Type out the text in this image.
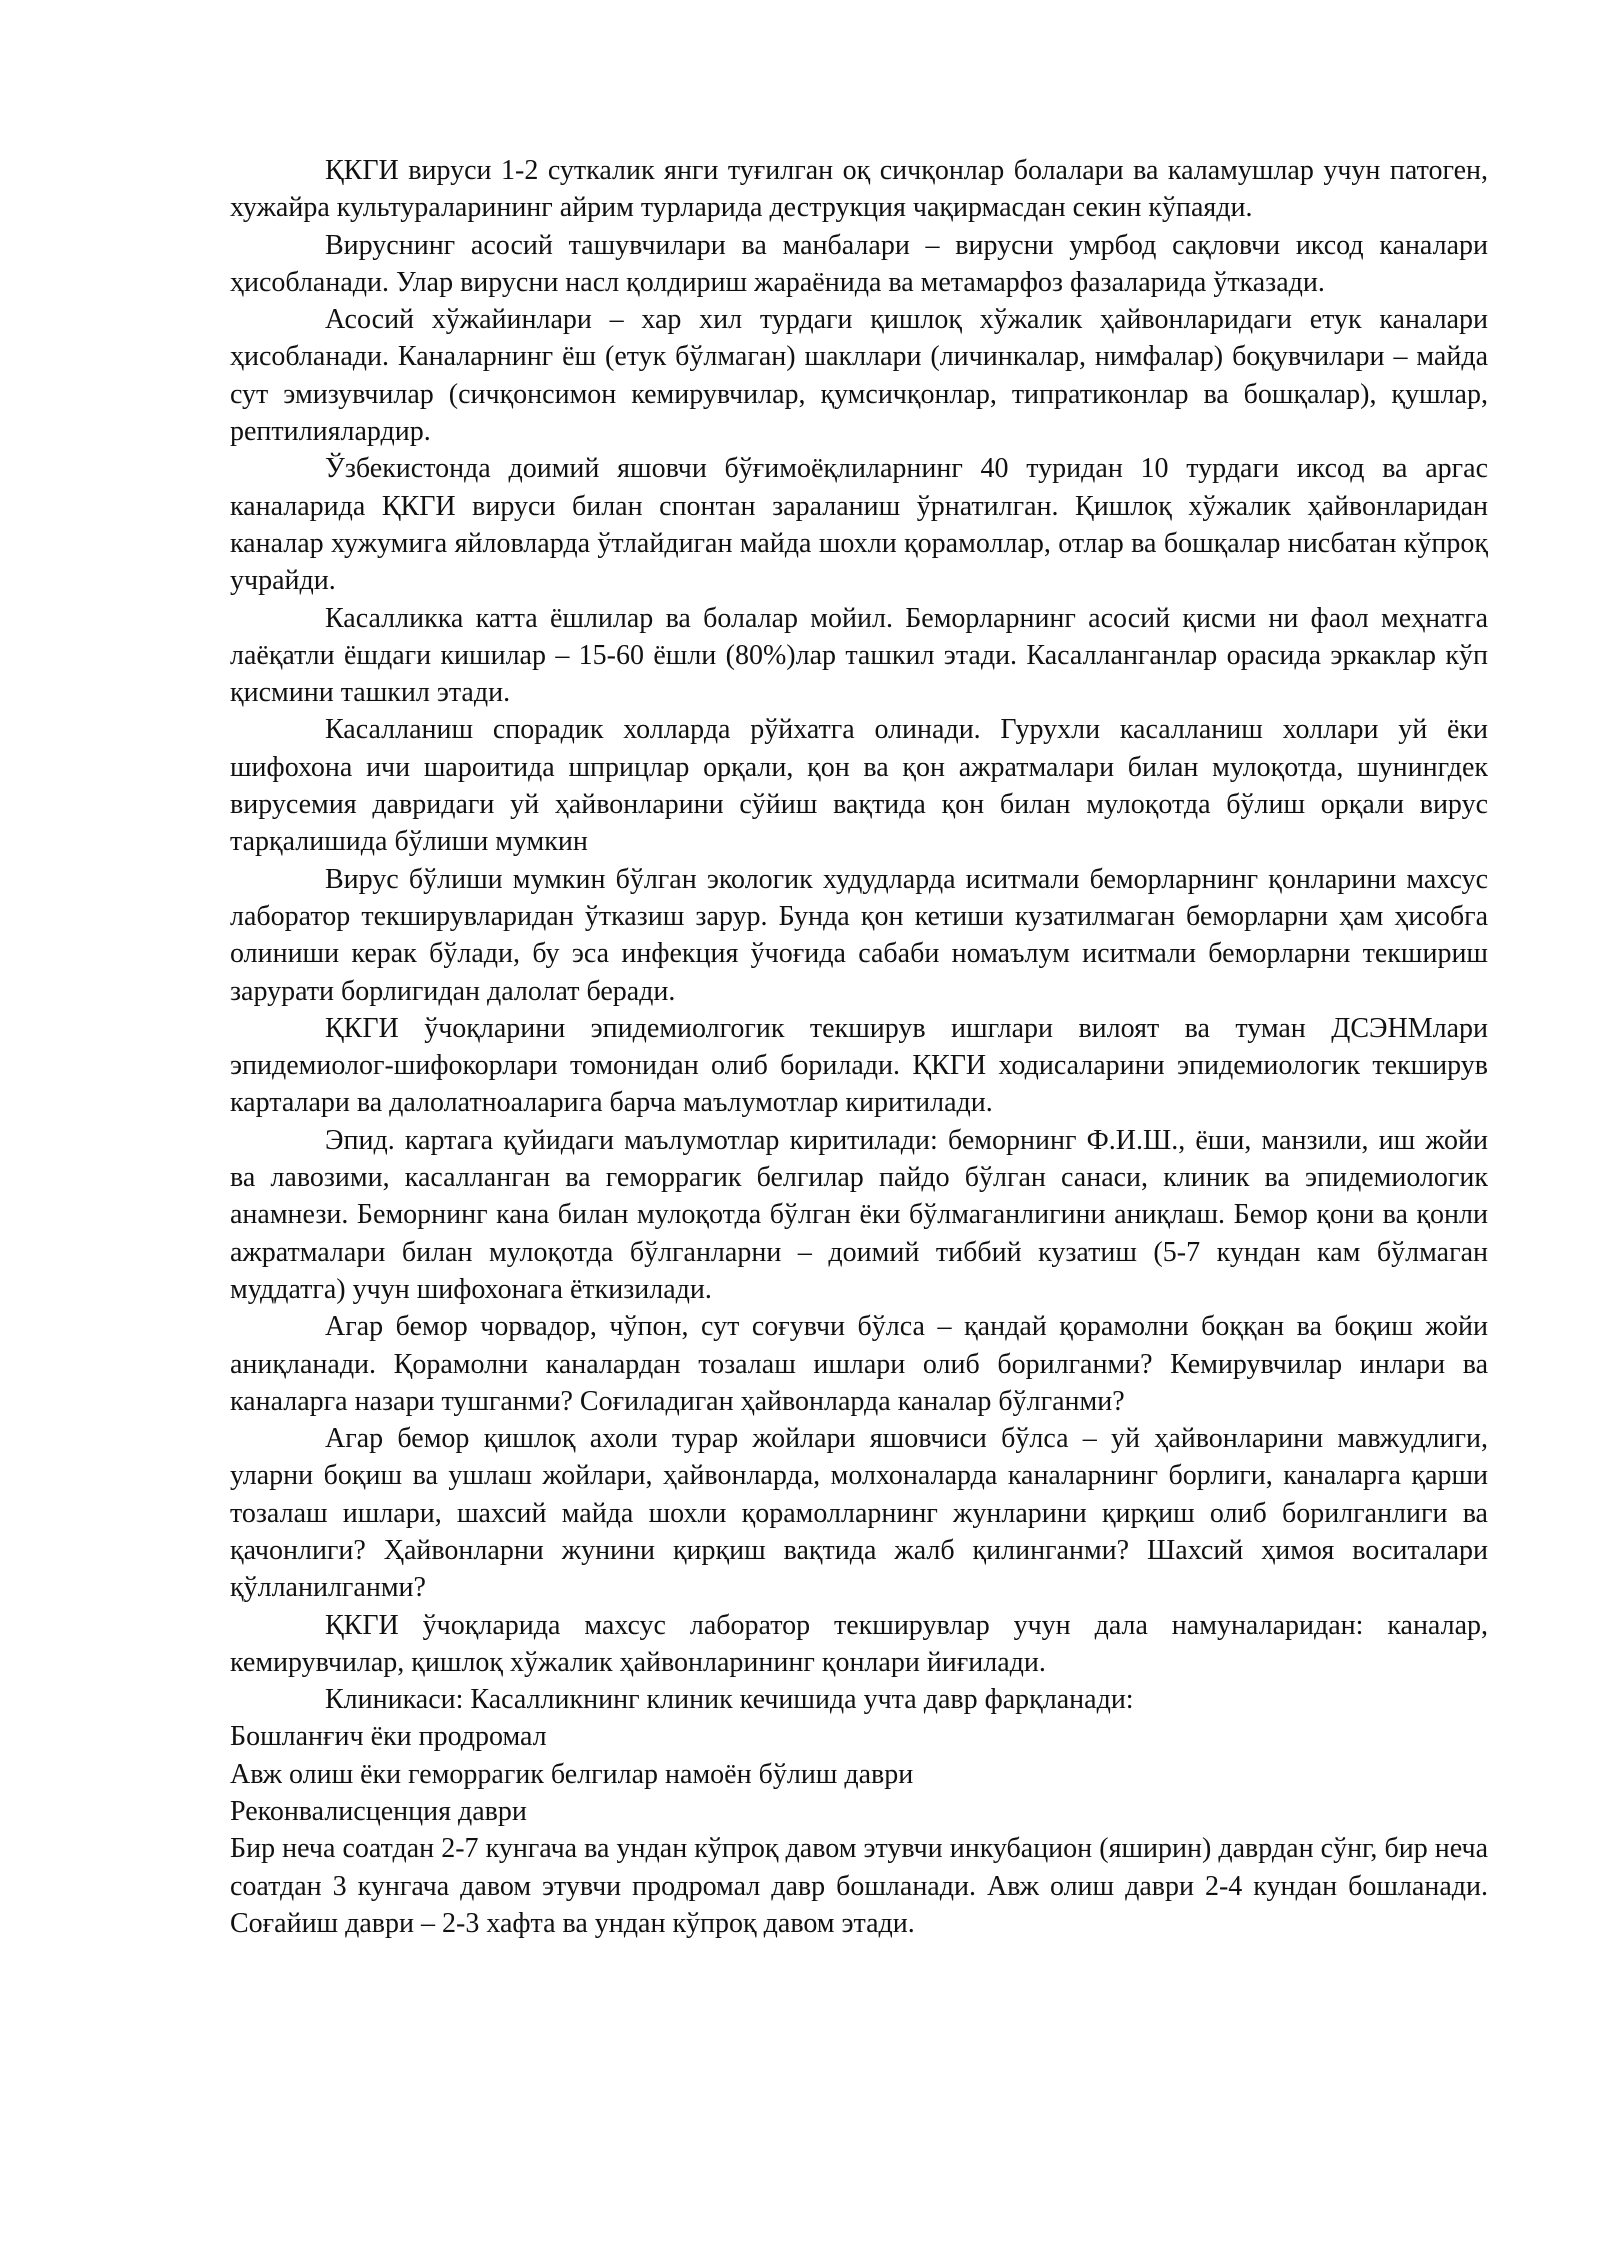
ҚКГИ вируси 1-2 суткалик янги туғилган оқ сичқонлар болалари ва каламушлар учун патоген, хужайра культураларининг айрим турларида деструкция чақирмасдан секин кўпаяди.

Вируснинг асосий ташувчилари ва манбалари – вирусни умрбод сақловчи иксод каналари ҳисобланади. Улар вирусни насл қолдириш жараёнида ва метамарфоз фазаларида ўтказади.

Асосий хўжайинлари – хар хил турдаги қишлоқ хўжалик ҳайвонларидаги етук каналари ҳисобланади. Каналарнинг ёш (етук бўлмаган) шакллари (личинкалар, нимфалар) боқувчилари – майда сут эмизувчилар (сичқонсимон кемирувчилар, қумсичқонлар, типратиконлар ва бошқалар), қушлар, рептилиялардир.

Ўзбекистонда доимий яшовчи бўғимоёқлиларнинг 40 туридан 10 турдаги иксод ва аргас каналарида ҚКГИ вируси билан спонтан зараланиш ўрнатилган. Қишлоқ хўжалик ҳайвонларидан каналар хужумига яйловларда ўтлайдиган майда шохли қорамоллар, отлар ва бошқалар нисбатан кўпроқ учрайди.

Касалликка катта ёшлилар ва болалар мойил. Беморларнинг асосий қисми ни фаол меҳнатга лаёқатли ёшдаги кишилар – 15-60 ёшли (80%)лар ташкил этади. Касалланганлар орасида эркаклар кўп қисмини ташкил этади.

Касалланиш спорадик холларда рўйхатга олинади. Гурухли касалланиш холлари уй ёки шифохона ичи шароитида шприцлар орқали, қон ва қон ажратмалари билан мулоқотда, шунингдек вирусемия давридаги уй ҳайвонларини сўйиш вақтида қон билан мулоқотда бўлиш орқали вирус тарқалишида бўлиши мумкин

Вирус бўлиши мумкин бўлган экологик худудларда иситмали беморларнинг қонларини махсус лаборатор текширувларидан ўтказиш зарур. Бунда қон кетиши кузатилмаган беморларни ҳам ҳисобга олиниши керак бўлади, бу эса инфекция ўчоғида сабаби номаълум иситмали беморларни текшириш зарурати борлигидан далолат беради.

ҚКГИ ўчоқларини эпидемиолгогик текширув ишглари вилоят ва туман ДСЭНМлари эпидемиолог-шифокорлари томонидан олиб борилади. ҚКГИ ходисаларини эпидемиологик текширув карталари ва далолатноаларига барча маълумотлар киритилади.

Эпид. картага қуйидаги маълумотлар киритилади: беморнинг Ф.И.Ш., ёши, манзили, иш жойи ва лавозими, касалланган ва геморрагик белгилар пайдо бўлган санаси, клиник ва эпидемиологик анамнези. Беморнинг кана билан мулоқотда бўлган ёки бўлмаганлигини аниқлаш. Бемор қони ва қонли ажратмалари билан мулоқотда бўлганларни – доимий тиббий кузатиш (5-7 кундан кам бўлмаган муддатга) учун шифохонага ёткизилади.

Агар бемор чорвадор, чўпон, сут соғувчи бўлса – қандай қорамолни боққан ва боқиш жойи аниқланади. Қорамолни каналардан тозалаш ишлари олиб борилганми? Кемирувчилар инлари ва каналарга назари тушганми? Соғиладиган ҳайвонларда каналар бўлганми?

Агар бемор қишлоқ ахоли турар жойлари яшовчиси бўлса – уй ҳайвонларини мавжудлиги, уларни боқиш ва ушлаш жойлари, ҳайвонларда, молхоналарда каналарнинг борлиги, каналарга қарши тозалаш ишлари, шахсий майда шохли қорамолларнинг жунларини қирқиш олиб борилганлиги ва қачонлиги? Ҳайвонларни жунини қирқиш вақтида жалб қилинганми? Шахсий ҳимоя воситалари қўлланилганми?

ҚКГИ ўчоқларида махсус лаборатор текширувлар учун дала намуналаридан: каналар, кемирувчилар, қишлоқ хўжалик ҳайвонларининг қонлари йиғилади.

Клиникаси: Касалликнинг клиник кечишида учта давр фарқланади:

Бошланғич ёки продромал

Авж олиш ёки геморрагик белгилар намоён бўлиш даври

Реконвалисценция даври

Бир неча соатдан 2-7 кунгача ва ундан кўпроқ давом этувчи инкубацион (яширин) даврдан сўнг, бир неча соатдан 3 кунгача давом этувчи продромал давр бошланади. Авж олиш даври 2-4 кундан бошланади. Соғайиш даври – 2-3 хафта ва ундан кўпроқ давом этади.
